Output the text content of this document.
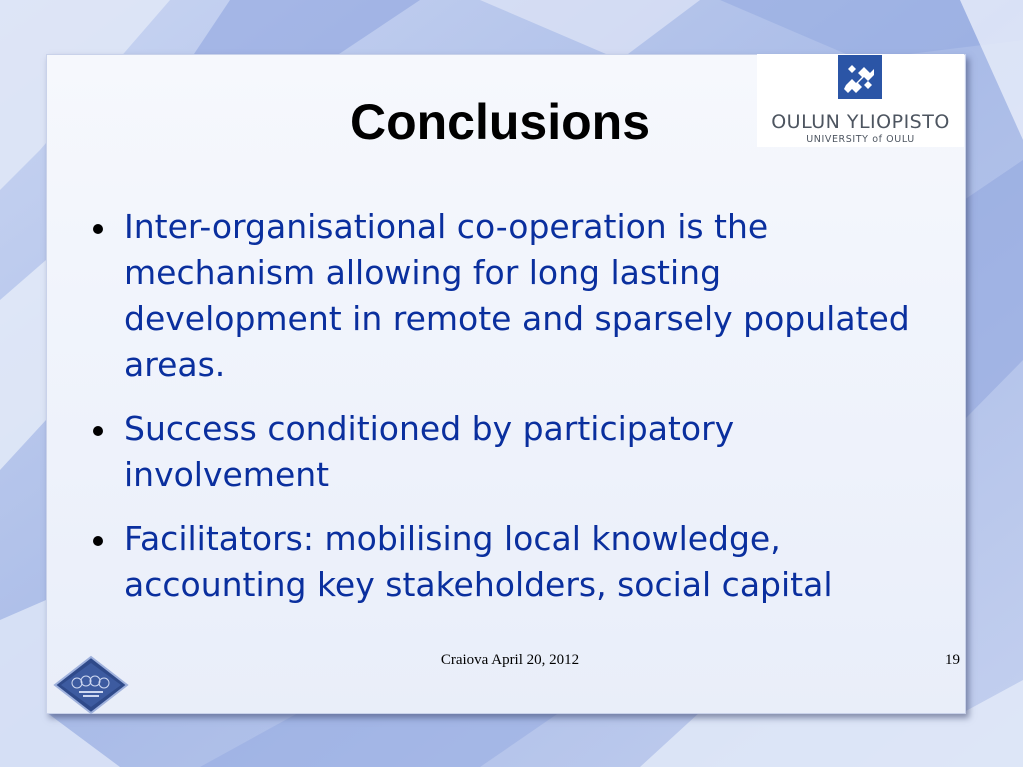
Conclusions	OULUN YLIOPISTO
UNIVERSITY of OULU
Inter-organisational co-operation is the mechanism allowing for long lasting development in remote and sparsely populated areas.
Success conditioned by participatory involvement
Facilitators: mobilising local knowledge, accounting key stakeholders, social capital
Craiova April 20, 2012	19
